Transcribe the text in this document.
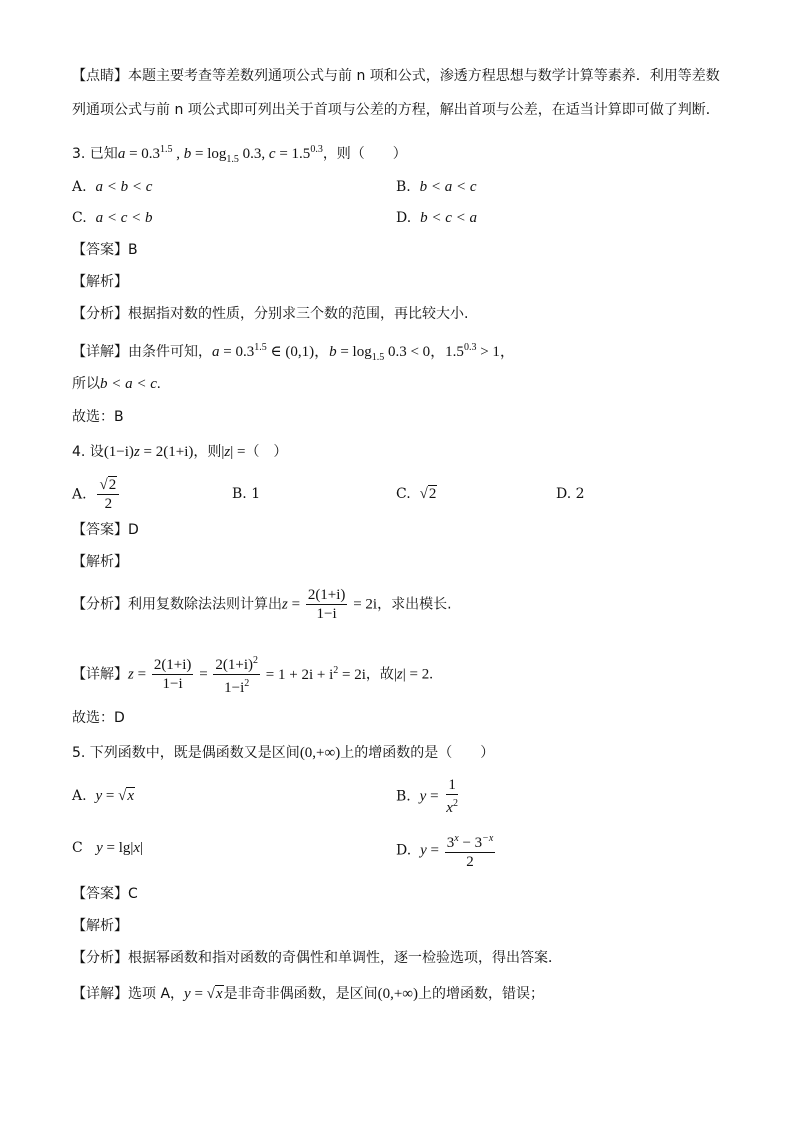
【点睛】本题主要考查等差数列通项公式与前 n 项和公式，渗透方程思想与数学计算等素养．利用等差数
列通项公式与前 n 项公式即可列出关于首项与公差的方程，解出首项与公差，在适当计算即可做了判断．
3. 已知$a = 0.3^{1.5}$ , $b = \log_{1.5} 0.3$, $c = 1.5^{0.3}$，则（　　）
A. a < b < c	B. b < a < c
C. a < c < b	D. b < c < a
【答案】B
【解析】
【分析】根据指对数的性质，分别求三个数的范围，再比较大小.
【详解】由条件可知，$a = 0.3^{1.5}$ ∈ (0,1)，$b = \log_{1.5} 0.3 < 0$，$1.5^{0.3} > 1$，
所以b < a < c.
故选：B
4. 设(1−i)z = 2(1+i)，则|z| =（　）
A. $\frac{√2}{2}$	B. 1	C. √2	D. 2
【答案】D
【解析】
【分析】利用复数除法法则计算出$z = \frac{2(1+i)}{1-i} = 2i$，求出模长.
【详解】$z = \frac{2(1+i)}{1-i} = \frac{2(1+i)^2}{1-i^2} = 1 + 2i + i^2 = 2i$，故|z| = 2.
故选：D
5. 下列函数中，既是偶函数又是区间(0,+∞)上的增函数的是（　　）
A. y = √x	B. $y = \frac{1}{x^2}$
C y = lg|x|	D. $y = \frac{3^x - 3^{-x}}{2}$
【答案】C
【解析】
【分析】根据幂函数和指对函数的奇偶性和单调性，逐一检验选项，得出答案．
【详解】选项 A，y = √x是非奇非偶函数，是区间(0,+∞)上的增函数，错误；
